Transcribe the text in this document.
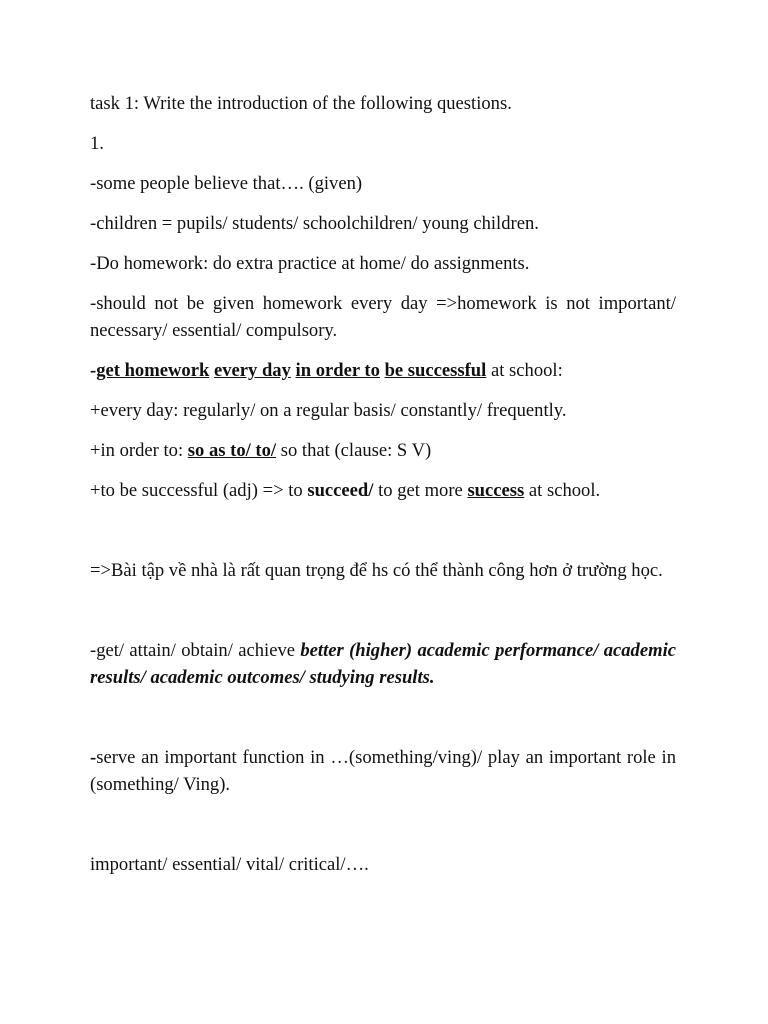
task 1: Write the introduction of the following questions.

1.

-some people believe that…. (given)

-children = pupils/ students/ schoolchildren/ young children.

-Do homework: do extra practice at home/ do assignments.

-should not be given homework every day =>homework is not important/ necessary/ essential/ compulsory.

-get homework every day in order to be successful at school:

+every day: regularly/ on a regular basis/ constantly/ frequently.

+in order to: so as to/ to/ so that (clause: S V)

+to be successful (adj) => to succeed/ to get more success at school.

=>Bài tập về nhà là rất quan trọng để hs có thể thành công hơn ở trường học.

-get/ attain/ obtain/ achieve better (higher) academic performance/ academic results/ academic outcomes/ studying results.

-serve an important function in …(something/ving)/ play an important role in (something/ Ving).

important/ essential/ vital/ critical/….
